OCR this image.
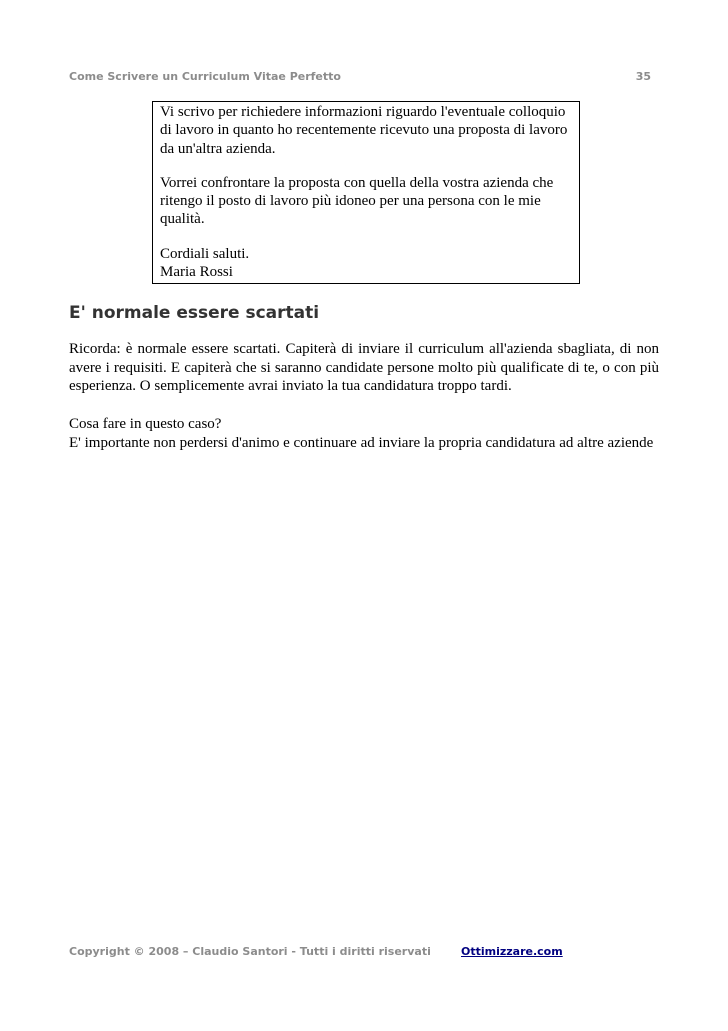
Come Scrivere un Curriculum Vitae Perfetto	35

Vi scrivo per richiedere informazioni riguardo l'eventuale colloquio di lavoro in quanto ho recentemente ricevuto una proposta di lavoro da un'altra azienda.

Vorrei confrontare la proposta con quella della vostra azienda che ritengo il posto di lavoro più idoneo per una persona con le mie qualità.

Cordiali saluti.
Maria Rossi
E' normale essere scartati

Ricorda: è normale essere scartati. Capiterà di inviare il curriculum all'azienda sbagliata, di non avere i requisiti. E capiterà che si saranno candidate persone molto più qualificate di te, o con più esperienza. O semplicemente avrai inviato la tua candidatura troppo tardi.

Cosa fare in questo caso?
E' importante non perdersi d'animo e continuare ad inviare la propria candidatura ad altre aziende

Copyright © 2008 – Claudio Santori - Tutti i diritti riservati	Ottimizzare.com
